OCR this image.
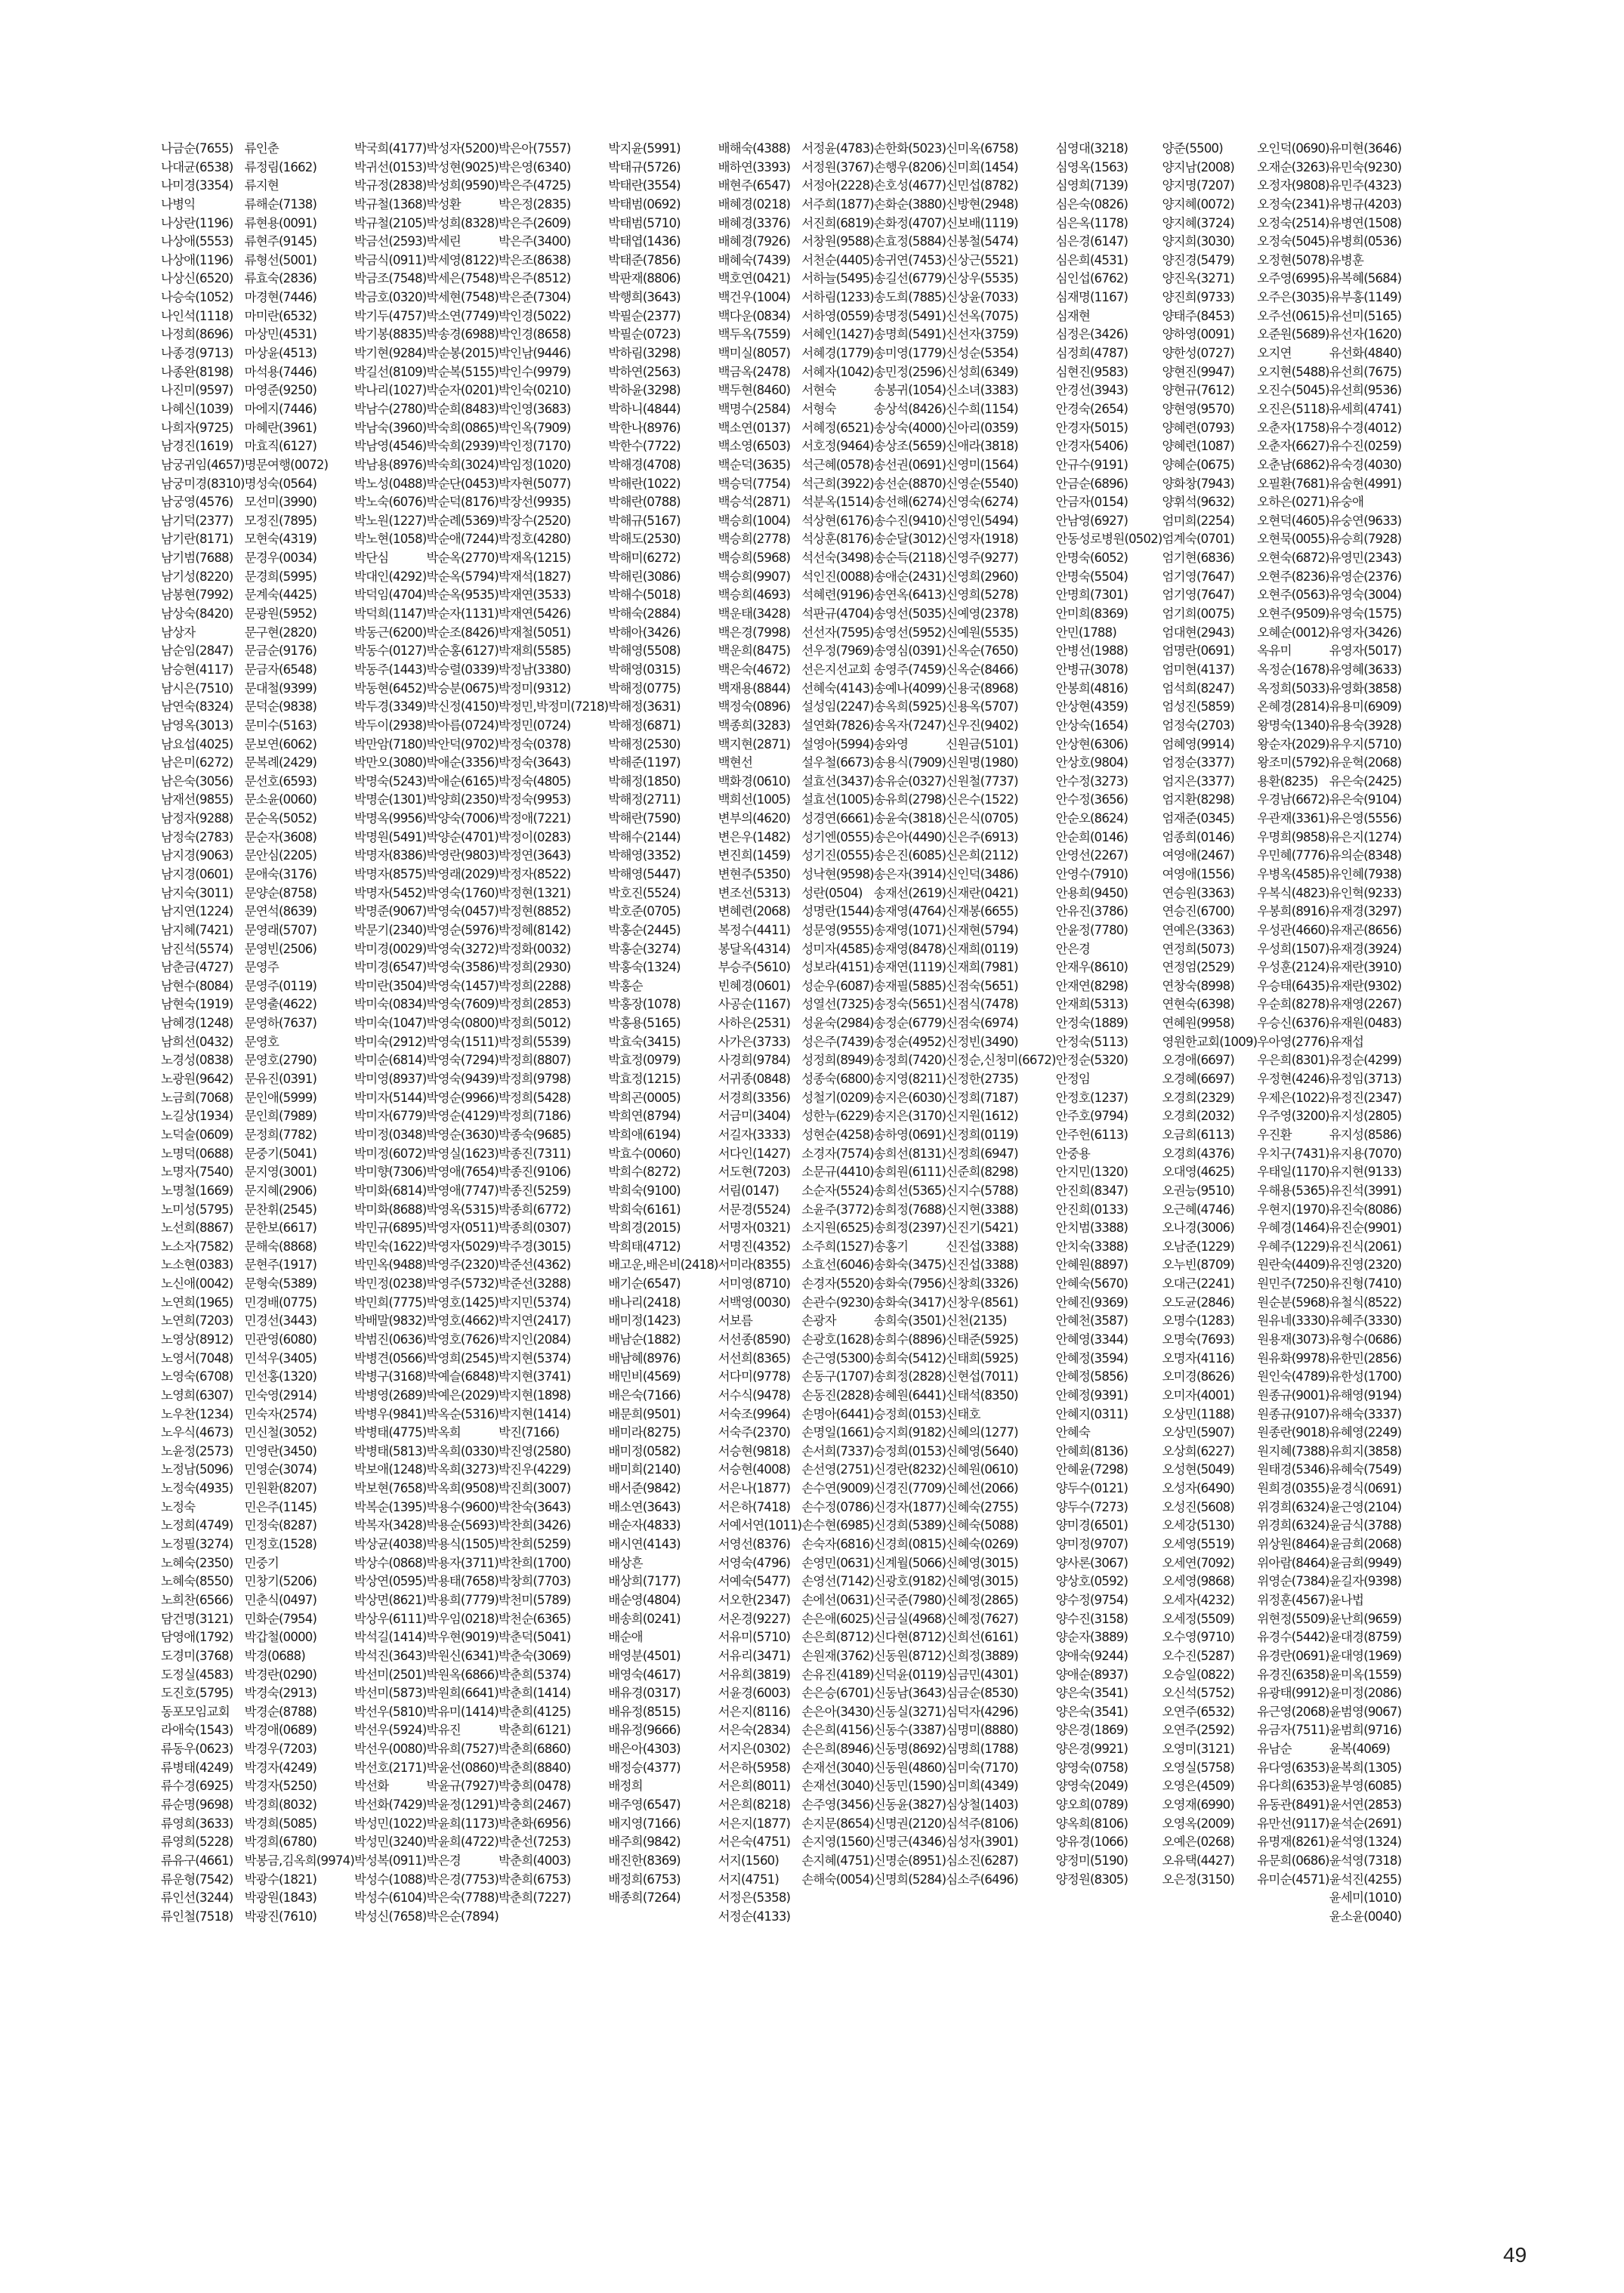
나금순(7655)
나대균(6538)
나미경(3354)
나병익
나상란(1196)
나상애(5553)
나상애(1196)
나상신(6520)
나승숙(1052)
나인석(1118)
나정희(8696)
나종경(9713)
나종완(8198)
나진미(9597)
나혜신(1039)
나희자(9725)
남경진(1619)
남궁귀임(4657)
남궁미경(8310)
남궁영(4576)
남기덕(2377)
남기란(8171)
남기범(7688)
남기성(8220)
남봉현(7992)
남상숙(8420)
남상자
남순임(2847)
남승현(4117)
남시은(7510)
남연숙(8324)
남영옥(3013)
남요섭(4025)
남은미(6272)
남은숙(3056)
남재선(9855)
남정자(9288)
남정숙(2783)
남지경(9063)
남지경(0601)
남지숙(3011)
남지연(1224)
남지혜(7421)
남진석(5574)
남춘금(4727)
남현수(8084)
남현숙(1919)
남혜경(1248)
남희선(0432)
노경성(0838)
노광원(9642)
노금희(7068)
노길상(1934)
노덕술(0609)
노명덕(0688)
노명자(7540)
노명철(1669)
노미성(5795)
노선희(8867)
노소자(7582)
노소현(0383)
노신애(0042)
노연희(1965)
노연희(7203)
노영상(8912)
노영서(7048)
노영숙(6708)
노영희(6307)
노우찬(1234)
노우식(4673)
노윤정(2573)
노정남(5096)
노정숙(4935)
노정숙
노정희(4749)
노정필(3274)
노혜숙(2350)
노혜숙(8550)
노희찬(6566)
담건명(3121)
담영애(1792)
도경미(3768)
도정실(4583)
도진호(5795)
동포모임교회
라애숙(1543)
류동우(0623)
류병태(4249)
류수경(6925)
류순명(9698)
류영희(3633)
류영희(5228)
류유구(4661)
류운형(7542)
류인선(3244)
류인철(7518)
류인춘
류정림(1662)
류지현
류해순(7138)
류현용(0091)
류현주(9145)
류형선(5001)
류효숙(2836)
마경현(7446)
마미란(6532)
마상민(4531)
마상윤(4513)
마석용(7446)
마영준(9250)
마에지(7446)
마혜란(3961)
마효직(6127)
명문여행(0072)
명성숙(0564)
모선미(3990)
모정진(7895)
모현숙(4319)
문경우(0034)
문경희(5995)
문계숙(4425)
문광원(5952)
문구현(2820)
문금순(9176)
문금자(6548)
문대철(9399)
문덕순(9838)
문미수(5163)
문보연(6062)
문복례(2429)
문선호(6593)
문소윤(0060)
문순옥(5052)
문순자(3608)
문안심(2205)
문애숙(3176)
문양순(8758)
문연석(8639)
문영래(5707)
문영빈(2506)
문영주
문영주(0119)
문영출(4622)
문영하(7637)
문영호
문영호(2790)
문유진(0391)
문인애(5999)
문인희(7989)
문정희(7782)
문중기(5041)
문지영(3001)
문지혜(2906)
문찬휘(2545)
문한보(6617)
문해숙(8868)
문현주(1917)
문형숙(5389)
민경배(0775)
민경선(3443)
민관영(6080)
민석우(3405)
민선홍(1320)
민숙영(2914)
민숙자(2574)
민신철(3052)
민영란(3450)
민영순(3074)
민원환(8207)
민은주(1145)
민정숙(8287)
민정호(1528)
민중기
민창기(5206)
민춘식(0497)
민화순(7954)
박갑철(0000)
박경(0688)
박경란(0290)
박경숙(2913)
박경순(8788)
박경애(0689)
박경우(7203)
박경자(4249)
박경자(5250)
박경희(8032)
박경희(5085)
박경희(6780)
박봉금,김옥희(9974)
박광수(1821)
박광원(1843)
박광진(7610)
박국희(4177)
박귀선(0153)
박규정(2838)
박규철(1368)
박규철(2105)
박금선(2593)
박금식(0911)
박금조(7548)
박금호(0320)
박기두(4757)
박기봉(8835)
박기현(9284)
박길선(8109)
박나리(1027)
박남수(2780)
박남숙(3960)
박남영(4546)
박남용(8976)
박노성(0488)
박노숙(6076)
박노원(1227)
박노현(1058)
박단심
박대인(4292)
박덕임(4704)
박덕희(1147)
박동근(6200)
박동수(0127)
박동주(1443)
박동현(6452)
박두경(3349)
박두이(2938)
박만암(7180)
박만오(3080)
박명숙(5243)
박명순(1301)
박명옥(9956)
박명원(5491)
박명자(8386)
박명자(8575)
박명자(5452)
박명준(9067)
박문기(2340)
박미경(0029)
박미경(6547)
박미란(3504)
박미숙(0834)
박미숙(1047)
박미숙(2912)
박미순(6814)
박미영(8937)
박미자(5144)
박미자(6779)
박미정(0348)
박미정(6072)
박미향(7306)
박미화(6814)
박미화(8688)
박민규(6895)
박민숙(1622)
박민옥(9488)
박민정(0238)
박민희(7775)
박배말(9832)
박범진(0636)
박병견(0566)
박병구(3168)
박병영(2689)
박병우(9841)
박병태(4775)
박병태(5813)
박보애(1248)
박보현(7658)
박복순(1395)
박복자(3428)
박상균(4038)
박상수(0868)
박상연(0595)
박상면(8621)
박상우(6111)
박석길(1414)
박석진(3643)
박선미(2501)
박선미(5873)
박선우(5810)
박선우(5924)
박선우(0080)
박선호(2171)
박선화
박선화(7429)
박성민(1022)
박성민(3240)
박성복(0911)
박성수(1088)
박성수(6104)
박성신(7658)
박성자(5200)
박성현(9025)
박성희(9590)
박성환
박성희(8328)
박세린
박세영(8122)
박세은(7548)
박세현(7548)
박소연(7749)
박송경(6988)
박순봉(2015)
박순복(5155)
박순자(0201)
박순희(8483)
박숙희(0865)
박숙희(2939)
박숙희(3024)
박순단(0453)
박순덕(8176)
박순례(5369)
박순애(7244)
박순옥(2770)
박순옥(5794)
박순옥(9535)
박순자(1131)
박순조(8426)
박순홍(6127)
박승렬(0339)
박승분(0675)
박신정(4150)
박아름(0724)
박안덕(9702)
박애순(3356)
박애순(6165)
박양희(2350)
박양숙(7006)
박양순(4701)
박영란(9803)
박영래(2029)
박영숙(1760)
박영숙(0457)
박영순(5976)
박영숙(3272)
박영숙(3586)
박영숙(1457)
박영숙(7609)
박영숙(0800)
박영숙(1511)
박영숙(7294)
박영숙(9439)
박영순(9966)
박영순(4129)
박영순(3630)
박영실(1623)
박영애(7654)
박영애(7747)
박영옥(5315)
박영자(0511)
박영자(5029)
박영주(2320)
박영주(5732)
박영호(1425)
박영호(4662)
박영호(7626)
박영희(2545)
박예슬(6848)
박예은(2029)
박옥순(5316)
박옥희
박옥희(0330)
박옥희(3273)
박옥희(9508)
박용수(9600)
박용순(5693)
박용식(1505)
박용자(3711)
박용태(7658)
박용희(7779)
박우임(0218)
박우현(9019)
박원신(6341)
박원옥(6866)
박원희(6641)
박유미(1414)
박유진
박유희(7527)
박윤선(0860)
박윤규(7927)
박윤정(1291)
박윤희(1173)
박윤희(4722)
박은경
박은경(7753)
박은숙(7788)
박은순(7894)
박은아(7557)
박은영(6340)
박은주(4725)
박은정(2835)
박은주(2609)
박은주(3400)
박은조(8638)
박은주(8512)
박은준(7304)
박인경(5022)
박인경(8658)
박인남(9446)
박인수(9979)
박인숙(0210)
박인영(3683)
박인옥(7909)
박인정(7170)
박임정(1020)
박자현(5077)
박장선(9935)
박장수(2520)
박정호(4280)
박재옥(1215)
박재석(1827)
박재연(3533)
박재연(5426)
박재철(5051)
박재희(5585)
박정남(3380)
박정미(9312)
박정민,박정미(7218)
박정민(0724)
박정숙(0378)
박정숙(3643)
박정숙(4805)
박정숙(9953)
박정애(7221)
박정이(0283)
박정연(3643)
박정자(8522)
박정현(1321)
박정현(8852)
박정혜(8142)
박정화(0032)
박정희(2930)
박정희(2288)
박정희(2853)
박정희(5012)
박정희(5539)
박정희(8807)
박정희(9798)
박정희(5428)
박정희(7186)
박종숙(9685)
박종진(7311)
박종진(9106)
박종진(5259)
박종희(6772)
박종희(0307)
박주경(3015)
박준선(4362)
박준선(3288)
박지민(5374)
박지연(2417)
박지인(2084)
박지현(5374)
박지현(3741)
박지현(1898)
박지현(1414)
박진(7166)
박진영(2580)
박진우(4229)
박진희(3007)
박찬숙(3643)
박찬희(3426)
박찬희(5259)
박찬희(1700)
박창희(7703)
박천미(5789)
박천순(6365)
박춘덕(5041)
박춘숙(3069)
박춘희(5374)
박춘희(1414)
박춘희(4125)
박춘희(6121)
박춘희(6860)
박춘희(8840)
박충희(0478)
박충희(2467)
박춘화(6956)
박춘선(7253)
박춘희(4003)
박춘희(6753)
박춘희(7227)
박지윤(5991)
박태규(5726)
박태란(3554)
박태범(0692)
박태범(5710)
박태엽(1436)
박태준(7856)
박판재(8806)
박행희(3643)
박필순(2377)
박필순(0723)
박하림(3298)
박하연(2563)
박하윤(3298)
박하니(4844)
박한나(8976)
박한수(7722)
박해경(4708)
박해란(1022)
박해란(0788)
박해규(5167)
박해도(2530)
박해미(6272)
박해린(3086)
박해수(5018)
박해숙(2884)
박해아(3426)
박해영(5508)
박해영(0315)
박해정(0775)
박해정(3631)
박해정(6871)
박해정(2530)
박해준(1197)
박해정(1850)
박해정(2711)
박해란(7590)
박해수(2144)
박해영(3352)
박해영(5447)
박호진(5524)
박호준(0705)
박홍순(2445)
박홍순(3274)
박홍숙(1324)
박홍순
박홍장(1078)
박홍용(5165)
박효숙(3415)
박효정(0979)
박효정(1215)
박희곤(0005)
박희연(8794)
박희애(6194)
박효수(0060)
박희수(8272)
박희숙(9100)
박희숙(6161)
박희경(2015)
박희태(4712)
배고운,배은비(2418)
배기순(6547)
배나리(2418)
배미정(1423)
배남순(1882)
배남혜(8976)
배민비(4569)
배은숙(7166)
배문희(9501)
배미라(8275)
배미정(0582)
배미희(2140)
배서준(9842)
배소연(3643)
배순자(4833)
배시연(4143)
배상흔
배상희(7177)
배순영(4804)
배송희(0241)
배순애
배영분(4501)
배영숙(4617)
배유경(0317)
배유정(8515)
배유정(9666)
배은아(4303)
배정승(4377)
배정희
배주영(6547)
배지영(7166)
배주희(9842)
배진한(8369)
배정희(6753)
배종희(7264)
배해숙(4388)
배하연(3393)
배현주(6547)
배혜경(0218)
배혜경(3376)
배혜경(7926)
배혜숙(7439)
백호연(0421)
백건우(1004)
백다운(0834)
백두옥(7559)
백미실(8057)
백금옥(2478)
백두현(8460)
백명수(2584)
백소연(0137)
백소영(6503)
백순덕(3635)
백승덕(7754)
백승석(2871)
백승희(1004)
백승희(2778)
백승희(5968)
백승희(9907)
백승희(4693)
백운태(3428)
백은경(7998)
백운희(8475)
백은숙(4672)
백재용(8844)
백정숙(0896)
백종희(3283)
백지현(2871)
백현선
백화경(0610)
백희선(1005)
변부의(4620)
변은우(1482)
변진희(1459)
변현주(5350)
변조선(5313)
변혜련(2068)
복정수(4411)
봉달옥(4314)
부승주(5610)
빈혜경(0601)
사공순(1167)
사하은(2531)
사가은(3733)
사경희(9784)
서귀종(0848)
서경희(3356)
서금미(3404)
서길자(3333)
서다인(1427)
서도현(7203)
서림(0147)
서문경(5524)
서명자(0321)
서명진(4352)
서미라(8355)
서미영(8710)
서백영(0030)
서보름
서선종(8590)
서선희(8365)
서다미(9778)
서수식(9478)
서숙조(9964)
서숙주(2370)
서승현(9818)
서승현(4008)
서은나(1877)
서은하(7418)
서예서연(1011)
서영선(8376)
서영숙(4796)
서예숙(5477)
서오한(2347)
서온경(9227)
서유미(5710)
서유리(3471)
서유희(3819)
서윤경(6003)
서은지(8116)
서은숙(2834)
서지은(0302)
서은하(5958)
서은희(8011)
서은희(8218)
서은지(1877)
서은숙(4751)
서지(1560)
서지(4751)
서정은(5358)
서정순(4133)
서정윤(4783)
서정원(3767)
서정아(2228)
서주희(1877)
서진희(6819)
서창원(9588)
서천순(4405)
서하늘(5495)
서하림(1233)
서하영(0559)
서혜인(1427)
서혜경(1779)
서혜자(1042)
서현숙
서형숙
서혜정(6521)
서호정(9464)
석근혜(0578)
석근희(3922)
석분옥(1514)
석상현(6176)
석상훈(8176)
석선숙(3498)
석인진(0088)
석혜련(9196)
석판규(4704)
선선자(7595)
선우정(7969)
선은지선교회
선혜숙(4143)
설성임(2247)
설연화(7826)
설영아(5994)
설우철(6673)
설효선(3437)
설효선(1005)
성경연(6661)
성기엔(0555)
성기진(0555)
성낙현(9598)
성란(0504)
성명란(1544)
성문영(9555)
성미자(4585)
성보라(4151)
성순우(6087)
성열선(7325)
성윤숙(2984)
성은주(7439)
성정희(8949)
성종숙(6800)
성철기(0209)
성한누(6229)
성현순(4258)
소경자(7574)
소문규(4410)
소순자(5524)
소윤주(3772)
소지원(6525)
소주희(1527)
소효선(6046)
손경자(5520)
손관수(9230)
손광자
손광호(1628)
손근영(5300)
손동구(1707)
손동진(2828)
손명아(6441)
손명일(1661)
손서희(7337)
손선영(2751)
손수연(9009)
손수정(0786)
손수현(6985)
손숙자(6816)
손영민(0631)
손영선(7142)
손에선(0631)
손은애(6025)
손은희(8712)
손원재(3762)
손유진(4189)
손은승(6701)
손은아(3430)
손은희(4156)
손은희(8946)
손재선(3040)
손재선(3040)
손주영(3456)
손지문(8654)
손지영(1560)
손지혜(4751)
손해숙(0054)
손한화(5023)
손행우(8206)
손호성(4677)
손화순(3880)
손화정(4707)
손효정(5884)
송귀연(7453)
송길선(6779)
송도희(7885)
송명정(5491)
송명희(5491)
송미영(1779)
송민정(2596)
송봉귀(1054)
송상석(8426)
송상숙(4000)
송상조(5659)
송선권(0691)
송선순(8870)
송선해(6274)
송수진(9410)
송순달(3012)
송순득(2118)
송애순(2431)
송연옥(6413)
송영선(5035)
송영선(5952)
송영심(0391)
송영주(7459)
송예나(4099)
송옥희(5925)
송옥자(7247)
송와영
송용식(7909)
송유순(0327)
송유희(2798)
송윤숙(3818)
송은아(4490)
송은진(6085)
송은자(3914)
송재선(2619)
송재영(4764)
송재영(1071)
송재영(8478)
송재연(1119)
송재필(5885)
송정숙(5651)
송정순(6779)
송정순(4952)
송정희(7420)
송지영(8211)
송지은(6030)
송지은(3170)
송하영(0691)
송희선(8131)
송희원(6111)
송희선(5365)
송희정(7688)
송희정(2397)
송홍기
송화숙(3475)
송화숙(7956)
송화숙(3417)
송희숙(3501)
송희수(8896)
송희숙(5412)
송희정(2828)
송혜원(6441)
승정희(0153)
승지희(9182)
승정희(0153)
신경란(8232)
신경진(7709)
신경자(1877)
신경희(5389)
신경희(0815)
신계월(5066)
신광호(9182)
신국준(7980)
신금실(4968)
신다현(8712)
신동원(8712)
신덕윤(0119)
신동남(3643)
신동실(3271)
신동수(3387)
신동명(8692)
신동원(4860)
신동민(1590)
신동윤(3827)
신명권(2120)
신명근(4346)
신명순(8951)
신명희(5284)
신미옥(6758)
신미희(1454)
신민섭(8782)
신방현(2948)
신보배(1119)
신봉철(5474)
신상근(5521)
신상우(5535)
신상윤(7033)
신선옥(7075)
신선자(3759)
신성순(5354)
신성희(6349)
신소녀(3383)
신수희(1154)
신아리(0359)
신애라(3818)
신영미(1564)
신영순(5540)
신영숙(6274)
신영인(5494)
신영자(1918)
신영주(9277)
신영희(2960)
신영희(5278)
신예영(2378)
신예원(5535)
신옥순(7650)
신옥순(8466)
신용국(8968)
신용옥(5707)
신우진(9402)
신원금(5101)
신원명(1980)
신원철(7737)
신은수(1522)
신은식(0705)
신은주(6913)
신은희(2112)
신인덕(3486)
신재란(0421)
신재봉(6655)
신재현(5794)
신재희(0119)
신재희(7981)
신점숙(5651)
신점식(7478)
신점숙(6974)
신정빈(3490)
신정순,신청미(6672)
신정한(2735)
신정희(7187)
신지원(1612)
신정희(0119)
신정희(6947)
신준희(8298)
신지수(5788)
신지현(3388)
신진기(5421)
신진섭(3388)
신진섭(3388)
신창희(3326)
신창우(8561)
신천(2135)
신태준(5925)
신태희(5925)
신현섭(7011)
신태석(8350)
신태호
신혜의(1277)
신혜영(5640)
신혜원(0610)
신혜선(2066)
신혜숙(2755)
신혜숙(5088)
신혜숙(0269)
신혜영(3015)
신혜영(3015)
신혜정(2865)
신혜정(7627)
신희선(6161)
신희정(3889)
심금민(4301)
심금순(8530)
심덕자(4296)
심명미(8880)
심명희(1788)
심미숙(7170)
심미희(4349)
심상철(1403)
심석주(8106)
심성자(3901)
심소진(6287)
심소주(6496)
심영대(3218)
심영옥(1563)
심영희(7139)
심은숙(0826)
심은옥(1178)
심은경(6147)
심은희(4531)
심인섭(6762)
심재명(1167)
심재현
심정은(3426)
심정희(4787)
심현진(9583)
안경선(3943)
안경숙(2654)
안경자(5015)
안경자(5406)
안규수(9191)
안금순(6896)
안금자(0154)
안남영(6927)
안동성로병원(0502)
안명숙(6052)
안명숙(5504)
안명희(7301)
안미희(8369)
안민(1788)
안병선(1988)
안병규(3078)
안봉희(4816)
안상현(4359)
안상숙(1654)
안상현(6306)
안상호(9804)
안수정(3273)
안수정(3656)
안순오(8624)
안순희(0146)
안영선(2267)
안영수(7910)
안용희(9450)
안유진(3786)
안윤정(7780)
안은경
안재우(8610)
안재연(8298)
안재희(5313)
안정숙(1889)
안정숙(5113)
안정순(5320)
안정임
안정호(1237)
안주호(9794)
안주헌(6113)
안중용
안지민(1320)
안진희(8347)
안진희(0133)
안치범(3388)
안치숙(3388)
안혜원(8897)
안혜숙(5670)
안혜진(9369)
안혜천(3587)
안혜영(3344)
안혜정(3594)
안혜정(5856)
안혜정(9391)
안혜지(0311)
안혜숙
안혜희(8136)
안혜윤(7298)
양두수(0121)
양두수(7273)
양미경(6501)
양미정(9707)
양사론(3067)
양상호(0592)
양수정(9754)
양수진(3158)
양순자(3889)
양애숙(9244)
양애순(8937)
양은숙(3541)
양은숙(3541)
양은경(1869)
양은경(9921)
양영숙(0758)
양영숙(2049)
양오희(0789)
양옥희(8106)
양유경(1066)
양정미(5190)
양정원(8305)
양준(5500)
양지남(2008)
양지명(7207)
양지혜(0072)
양지혜(3724)
양지희(3030)
양진경(5479)
양진옥(3271)
양진희(9733)
양태주(8453)
양하영(0091)
양한성(0727)
양현진(9947)
양현규(7612)
양현영(9570)
양혜련(0793)
양혜련(1087)
양혜순(0675)
양화창(7943)
양휘석(9632)
엄미희(2254)
엄계숙(0701)
엄기현(6836)
엄기영(7647)
엄기영(7647)
엄기희(0075)
엄대현(2943)
엄명란(0691)
엄미현(4137)
엄석희(8247)
엄성진(5859)
엄정숙(2703)
엄혜영(9914)
엄정순(3377)
엄지은(3377)
엄지환(8298)
엄재준(0345)
엄종희(0146)
여영애(2467)
여영애(1556)
연승원(3363)
연승진(6700)
연예은(3363)
연정희(5073)
연정엄(2529)
연창숙(8998)
연현숙(6398)
연혜원(9958)
영원한교회(1009)
오경애(6697)
오경혜(6697)
오경희(2329)
오경희(2032)
오금희(6113)
오경희(4376)
오대영(4625)
오권능(9510)
오근혜(4746)
오나경(3006)
오남준(1229)
오누빈(8709)
오대근(2241)
오도균(2846)
오명수(1283)
오명숙(7693)
오명자(4116)
오미경(8626)
오미자(4001)
오상민(1188)
오상민(5907)
오상희(6227)
오성현(5049)
오성자(6490)
오성진(5608)
오세강(5130)
오세영(5519)
오세연(7092)
오세영(9868)
오세자(4232)
오세정(5509)
오수영(9710)
오수진(5287)
오승일(0822)
오신석(5752)
오연주(6532)
오연주(2592)
오영미(3121)
오영실(5758)
오영은(4509)
오영재(6990)
오영옥(2009)
오예은(0268)
오유택(4427)
오은정(3150)
오인덕(0690)
오재순(3263)
오정자(9808)
오정숙(2341)
오정숙(2514)
오정숙(5045)
오정현(5078)
오주영(6995)
오주은(3035)
오주선(0615)
오준원(5689)
오지연
오지현(5488)
오진수(5045)
오진은(5118)
오춘자(1758)
오춘자(6627)
오춘남(6862)
오필환(7681)
오하은(0271)
오현덕(4605)
오현묵(0055)
오현숙(6872)
오현주(8236)
오현주(0563)
오현주(9509)
오혜순(0012)
옥유미
옥정순(1678)
옥정희(5033)
온혜경(2814)
왕명숙(1340)
왕순자(2029)
왕조미(5792)
용환(8235)
우경남(6672)
우관재(3361)
우명희(9858)
우민혜(7776)
우병옥(4585)
우복식(4823)
우봉희(8916)
우성관(4660)
우성희(1507)
우성훈(2124)
우승태(6435)
우순희(8278)
우승신(6376)
우아영(2776)
우은희(8301)
우정현(4246)
우제은(1022)
우주영(3200)
우진환
우치구(7431)
우태일(1170)
우해용(5365)
우현지(1970)
우혜경(1464)
우혜주(1229)
원란숙(4409)
원민주(7250)
원순분(5968)
원유네(3330)
원용재(3073)
원유화(9978)
원인숙(4789)
원종규(9001)
원종규(9107)
원종란(9018)
원지혜(7388)
원태경(5346)
원희경(0355)
위경희(6324)
위경희(6324)
위상원(8464)
위아람(8464)
위영순(7384)
위정훈(4567)
위현정(5509)
유경수(5442)
유경란(0691)
유경진(6358)
유광태(9912)
유근영(2068)
유금자(7511)
유남순
유다영(6353)
유다희(6353)
유동관(8491)
유만선(9117)
유명재(8261)
유문희(0686)
유미순(4571)
유미현(3646)
유민숙(9230)
유민주(4323)
유병규(4203)
유병연(1508)
유병희(0536)
유병훈
유복혜(5684)
유부홍(1149)
유선미(5165)
유선자(1620)
유선화(4840)
유선희(7675)
유선희(9536)
유세희(4741)
유수경(4012)
유수진(0259)
유숙경(4030)
유숨현(4991)
유숭애
유숭연(9633)
유승희(7928)
유영민(2343)
유영순(2376)
유영숙(3004)
유영숙(1575)
유영자(3426)
유영자(5017)
유영혜(3633)
유영화(3858)
유용미(6909)
유용숙(3928)
유우지(5710)
유운혁(2068)
유은숙(2425)
유은숙(9104)
유은영(5556)
유은지(1274)
유의순(8348)
유인혜(7938)
유인혁(9233)
유재경(3297)
유재곤(8656)
유재경(3924)
유재란(3910)
유재란(9302)
유재영(2267)
유재원(0483)
유재섭
유정순(4299)
유정임(3713)
유정진(2347)
유지성(2805)
유지성(8586)
유지용(7070)
유지현(9133)
유진석(3991)
유진숙(8086)
유진순(9901)
유진식(2061)
유진영(2320)
유진형(7410)
유철식(8522)
유혜주(3330)
유형수(0686)
유한민(2856)
유한성(1700)
유해영(9194)
유해숙(3337)
유혜영(2249)
유희지(3858)
유혜숙(7549)
윤경식(0691)
윤근영(2104)
윤금식(3788)
윤금희(2068)
윤금희(9949)
윤길자(9398)
윤나법
윤난희(9659)
윤대경(8759)
윤대영(1969)
윤미옥(1559)
윤미정(2086)
윤범영(9067)
윤범희(9716)
윤복(4069)
윤복희(1305)
윤부영(6085)
윤서연(2853)
윤석순(2691)
윤석영(1324)
윤석영(7318)
윤석진(4255)
윤세미(1010)
윤소윤(0040)
49
